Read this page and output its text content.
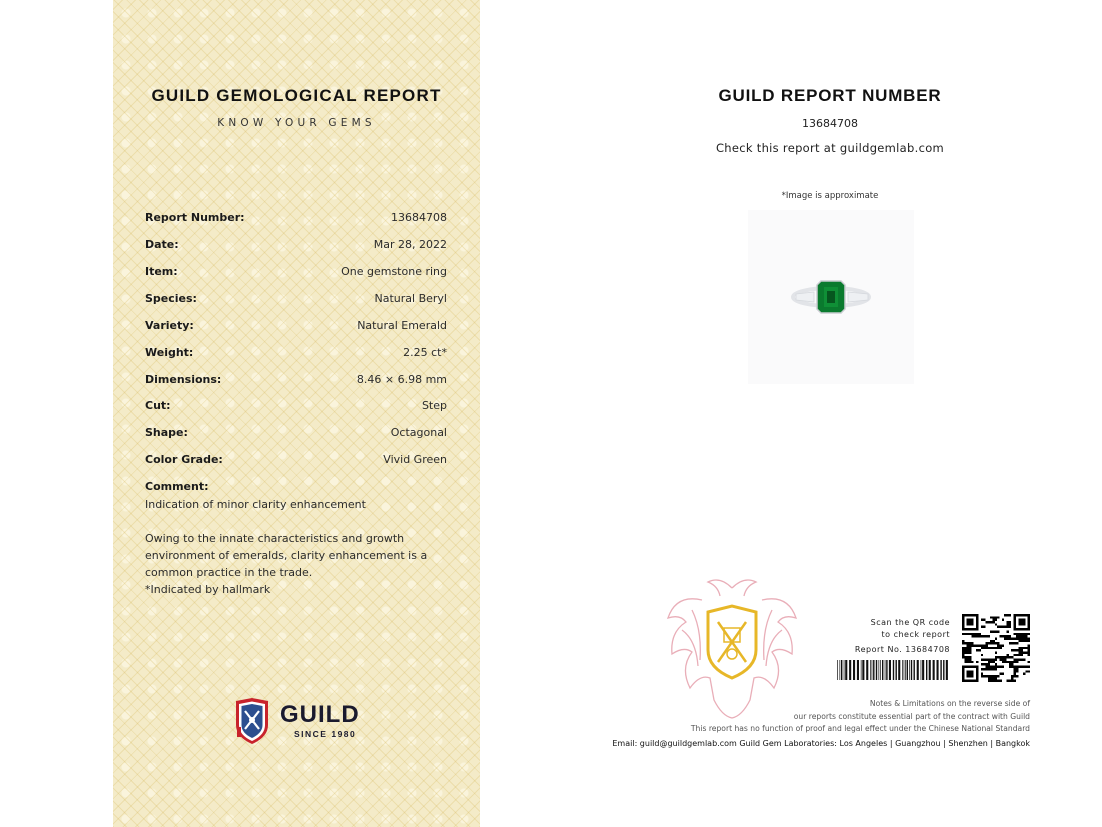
GUILD GEMOLOGICAL REPORT
KNOW YOUR GEMS
Report Number:	13684708
Date:	Mar 28, 2022
Item:	One gemstone ring
Species:	Natural Beryl
Variety:	Natural Emerald
Weight:	2.25 ct*
Dimensions:	8.46 × 6.98 mm
Cut:	Step
Shape:	Octagonal
Color Grade:	Vivid Green
Comment:
Indication of minor clarity enhancement
Owing to the innate characteristics and growth
environment of emeralds, clarity enhancement is a
common practice in the trade.
*Indicated by hallmark
GUILD
SINCE 1980
GUILD REPORT NUMBER
13684708
Check this report at guildgemlab.com
*Image is approximate
Scan the QR code
to check report
Report No. 13684708
Notes & Limitations on the reverse side of
our reports constitute essential part of the contract with Guild
This report has no function of proof and legal effect under the Chinese National Standard
Email: guild@guildgemlab.com Guild Gem Laboratories: Los Angeles | Guangzhou | Shenzhen | Bangkok
